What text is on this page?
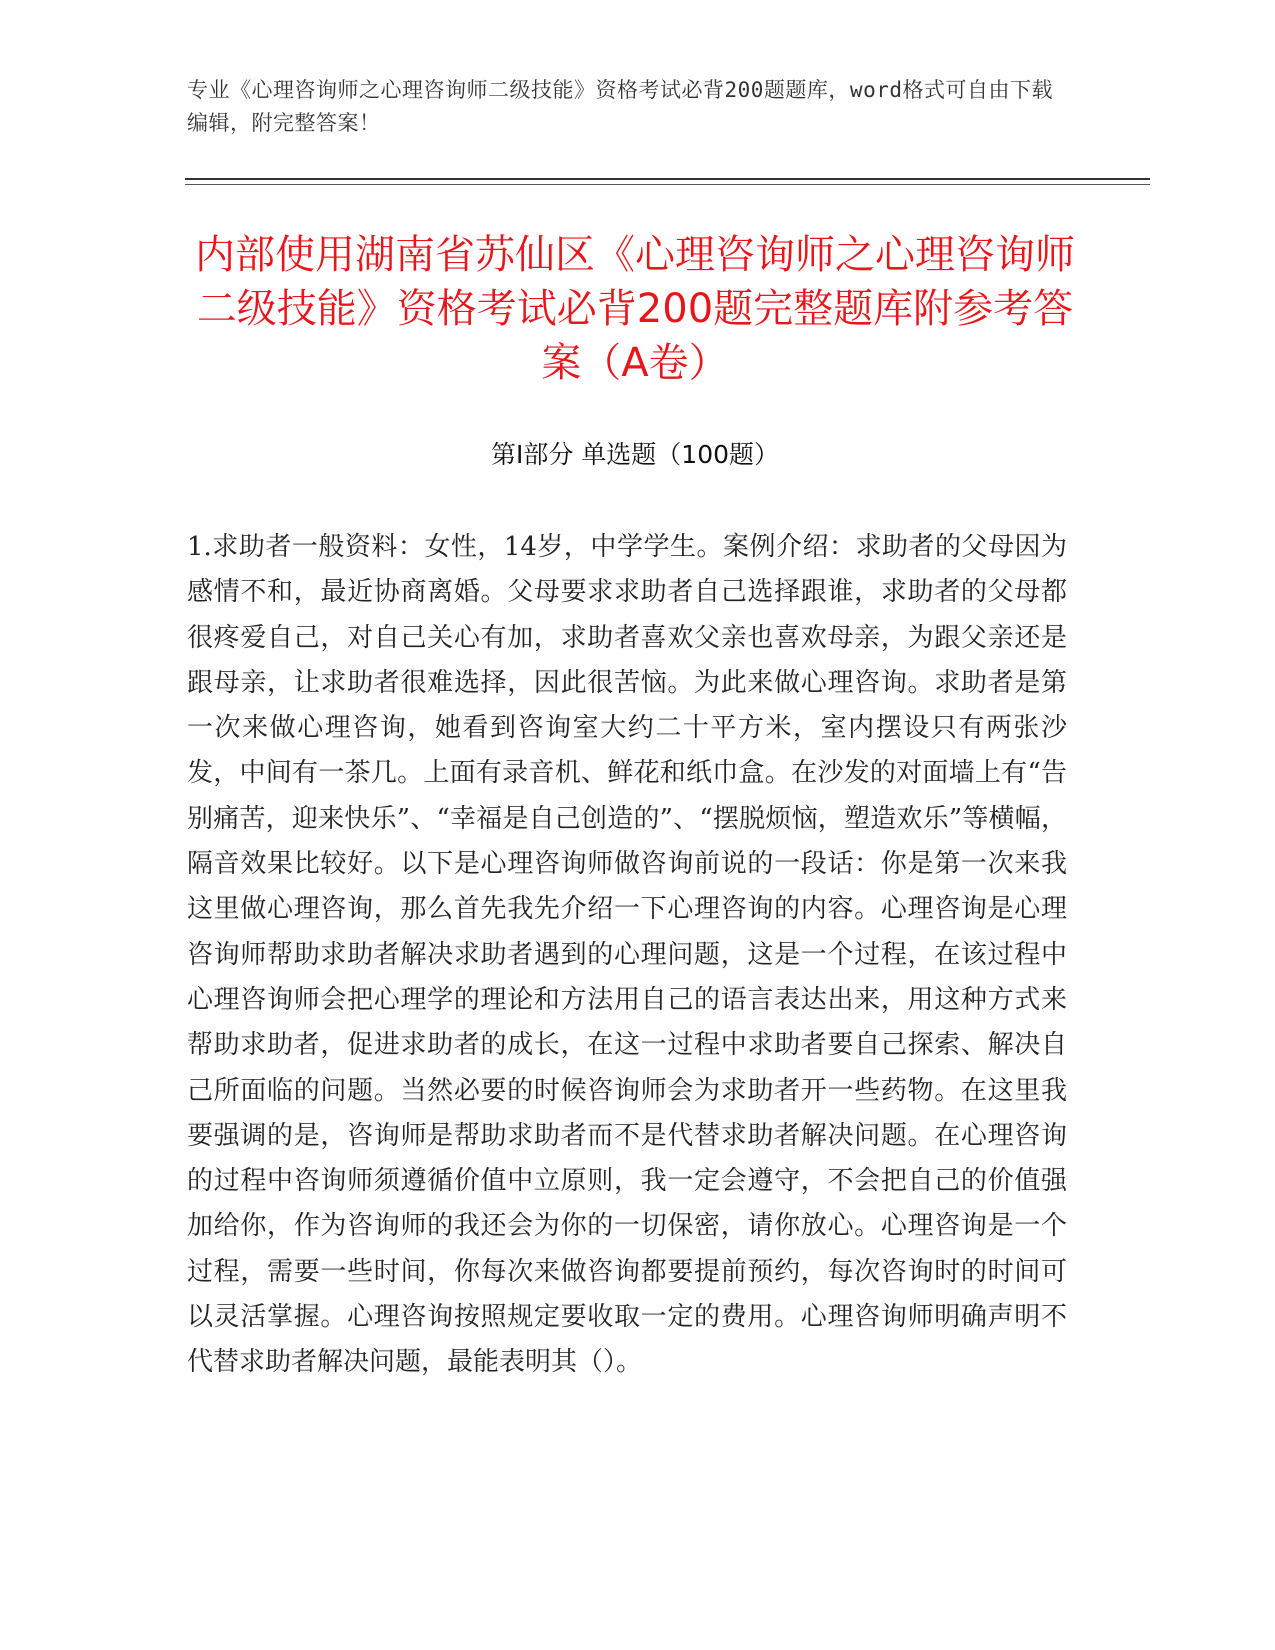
专业《心理咨询师之心理咨询师二级技能》资格考试必背200题题库，word格式可自由下载编辑，附完整答案！
内部使用湖南省苏仙区《心理咨询师之心理咨询师二级技能》资格考试必背200题完整题库附参考答案（A卷）
第Ⅰ部分 单选题（100题）

1.求助者一般资料：女性，14岁，中学学生。案例介绍：求助者的父母因为感情不和，最近协商离婚。父母要求求助者自己选择跟谁，求助者的父母都很疼爱自己，对自己关心有加，求助者喜欢父亲也喜欢母亲，为跟父亲还是跟母亲，让求助者很难选择，因此很苦恼。为此来做心理咨询。求助者是第一次来做心理咨询，她看到咨询室大约二十平方米，室内摆设只有两张沙发，中间有一茶几。上面有录音机、鲜花和纸巾盒。在沙发的对面墙上有“告别痛苦，迎来快乐”、“幸福是自己创造的”、“摆脱烦恼，塑造欢乐”等横幅，隔音效果比较好。以下是心理咨询师做咨询前说的一段话：你是第一次来我这里做心理咨询，那么首先我先介绍一下心理咨询的内容。心理咨询是心理咨询师帮助求助者解决求助者遇到的心理问题，这是一个过程，在该过程中心理咨询师会把心理学的理论和方法用自己的语言表达出来，用这种方式来帮助求助者，促进求助者的成长，在这一过程中求助者要自己探索、解决自己所面临的问题。当然必要的时候咨询师会为求助者开一些药物。在这里我要强调的是，咨询师是帮助求助者而不是代替求助者解决问题。在心理咨询的过程中咨询师须遵循价值中立原则，我一定会遵守，不会把自己的价值强加给你，作为咨询师的我还会为你的一切保密，请你放心。心理咨询是一个过程，需要一些时间，你每次来做咨询都要提前预约，每次咨询时的时间可以灵活掌握。心理咨询按照规定要收取一定的费用。心理咨询师明确声明不代替求助者解决问题，最能表明其（）。
